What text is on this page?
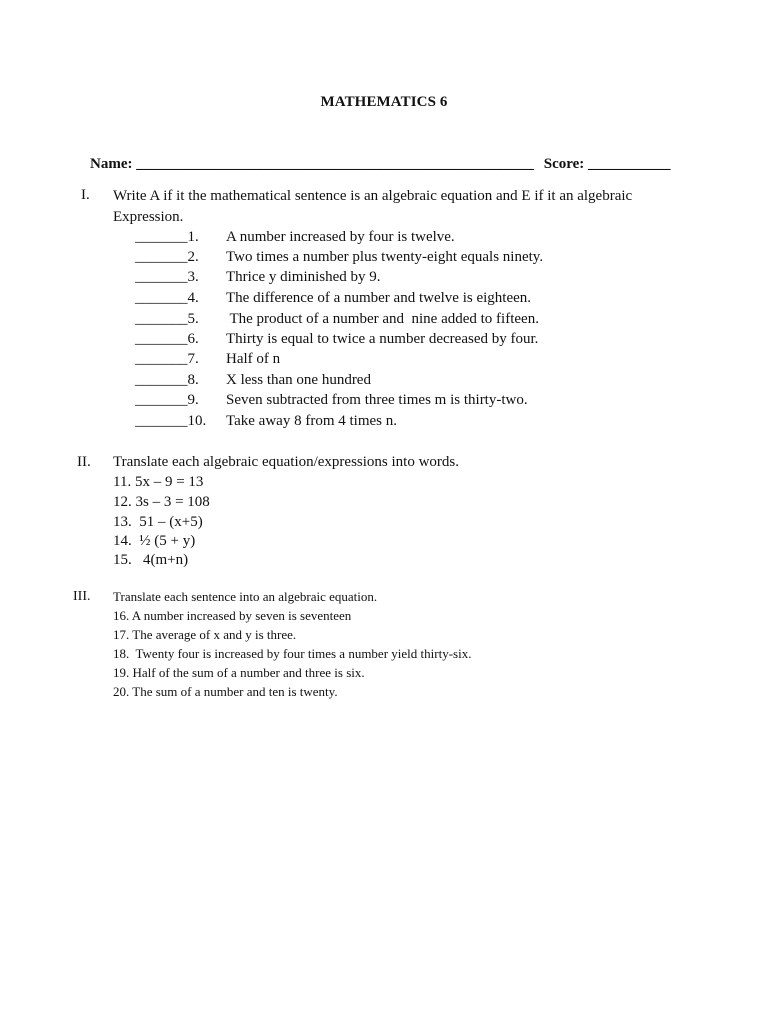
MATHEMATICS 6
Name: _____________________________________________________ Score: ___________
I. Write A if it the mathematical sentence is an algebraic equation and E if it an algebraic
Expression.
_______1. A number increased by four is twelve.
_______2. Two times a number plus twenty-eight equals ninety.
_______3. Thrice y diminished by 9.
_______4. The difference of a number and twelve is eighteen.
_______5. The product of a number and  nine added to fifteen.
_______6. Thirty is equal to twice a number decreased by four.
_______7. Half of n
_______8. X less than one hundred
_______9. Seven subtracted from three times m is thirty-two.
_______10. Take away 8 from 4 times n.
II. Translate each algebraic equation/expressions into words.
11. 5x – 9 = 13
12. 3s – 3 = 108
13.  51 – (x+5)
14.  ½ (5 + y)
15.   4(m+n)
III. Translate each sentence into an algebraic equation.
16. A number increased by seven is seventeen
17. The average of x and y is three.
18.  Twenty four is increased by four times a number yield thirty-six.
19. Half of the sum of a number and three is six.
20. The sum of a number and ten is twenty.
